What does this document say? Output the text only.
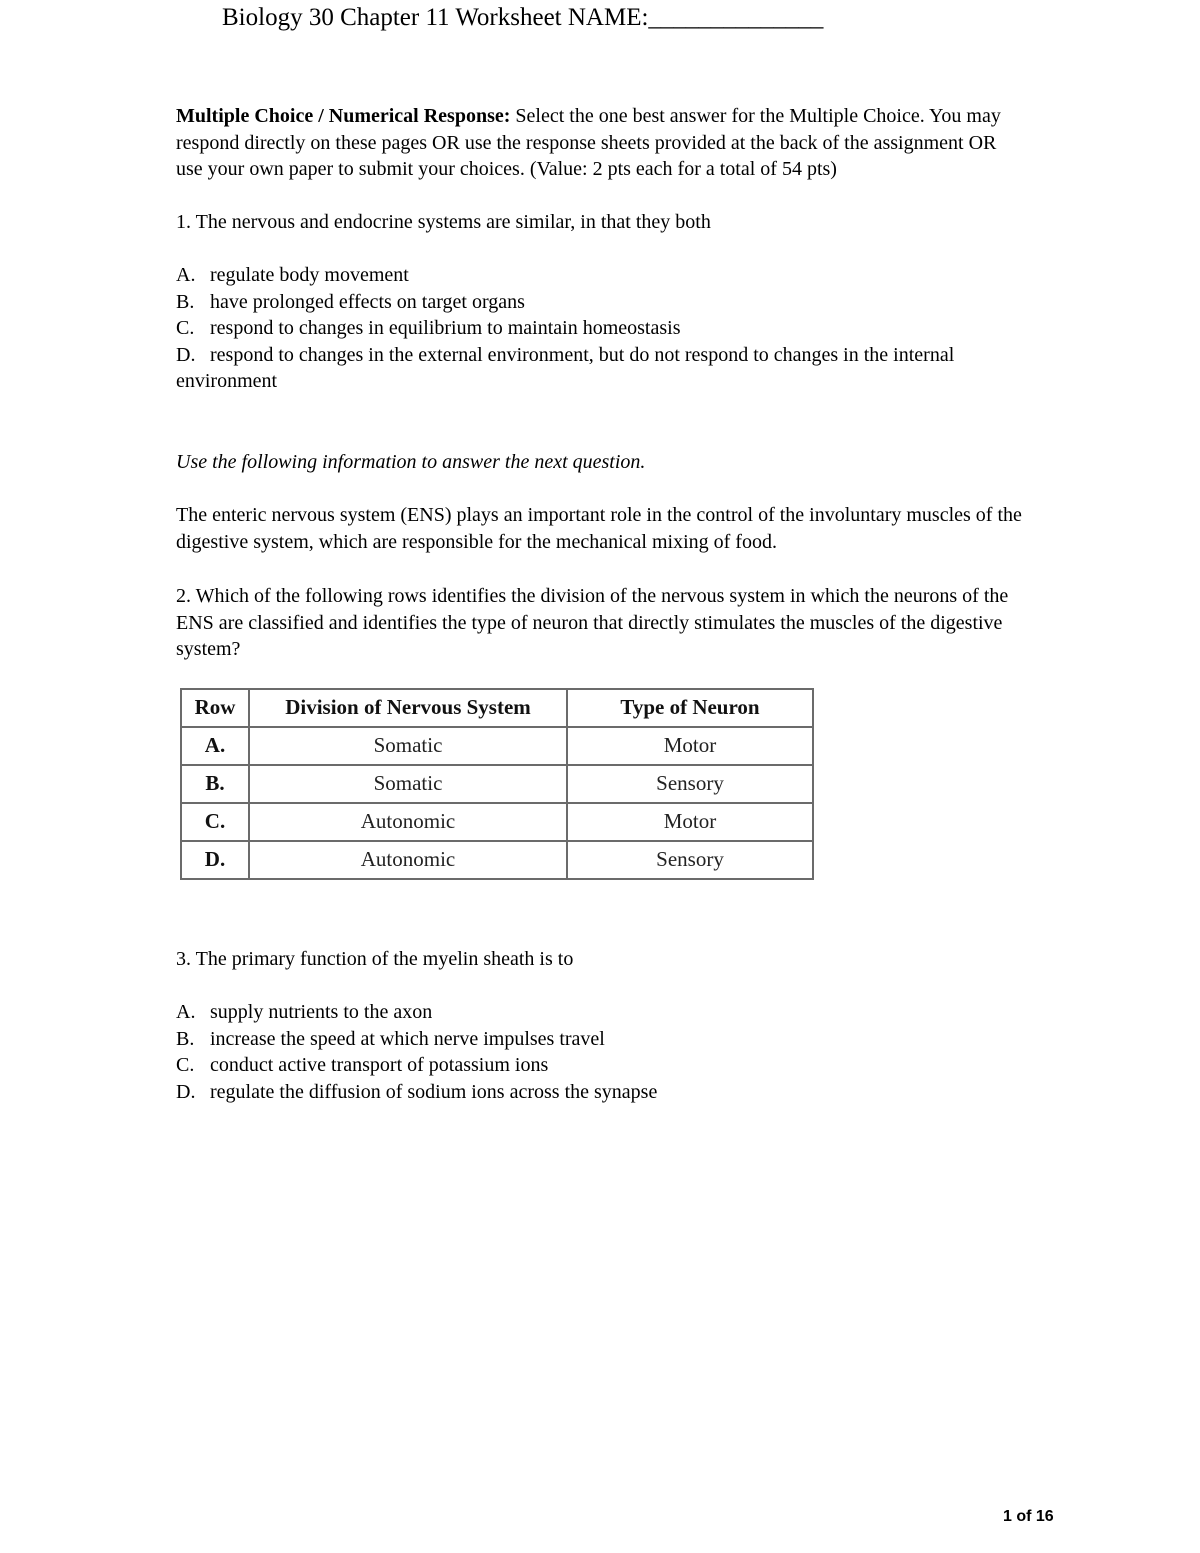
Biology 30 Chapter 11 Worksheet NAME:______________

Multiple Choice / Numerical Response: Select the one best answer for the Multiple Choice. You may respond directly on these pages OR use the response sheets provided at the back of the assignment OR use your own paper to submit your choices. (Value: 2 pts each for a total of 54 pts)

1. The nervous and endocrine systems are similar, in that they both

A. regulate body movement
B. have prolonged effects on target organs
C. respond to changes in equilibrium to maintain homeostasis
D. respond to changes in the external environment, but do not respond to changes in the internal environment

Use the following information to answer the next question.

The enteric nervous system (ENS) plays an important role in the control of the involuntary muscles of the digestive system, which are responsible for the mechanical mixing of food.

2. Which of the following rows identifies the division of the nervous system in which the neurons of the ENS are classified and identifies the type of neuron that directly stimulates the muscles of the digestive system?

Row	Division of Nervous System	Type of Neuron
A.	Somatic	Motor
B.	Somatic	Sensory
C.	Autonomic	Motor
D.	Autonomic	Sensory

3. The primary function of the myelin sheath is to

A. supply nutrients to the axon
B. increase the speed at which nerve impulses travel
C. conduct active transport of potassium ions
D. regulate the diffusion of sodium ions across the synapse
1 of 16
